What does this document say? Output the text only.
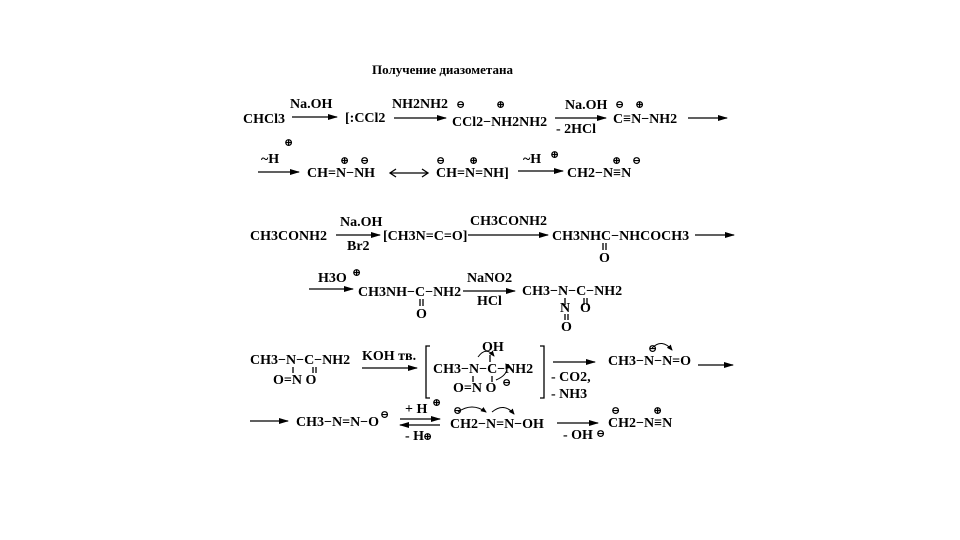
Получение диазометана
CHCl3
Na.OH
[:CCl2
NH2NH2 ⊖	⊕
CCl2−NH2NH2
Na.OH
- 2HCl
⊖ ⊕
C≡N−NH2
⊕
~H	⊕ ⊖
CH=N−NH
⊖ ⊕
CH=N=NH]
~H ⊕	⊕ ⊖
CH2−N≡N
CH3CONH2
Na.OH
Br2
[CH3N=C=O]
CH3CONH2
CH3NHC−NHCOCH3
O
H3O ⊕
CH3NH−C−NH2
O
NaNO2
HCl
CH3−N−C−NH2
N O
O
CH3−N−C−NH2
O=N O
KOH тв.
OH
CH3−N−C−NH2
O=N O ⊖	- CO2,
- NH3
⊖
CH3−N−N=O
CH3−N=N−O ⊖ + H ⊕
- H
⊕
⊖
CH2−N=N−OH
- OH ⊖
⊖	⊕
CH2−N≡N
